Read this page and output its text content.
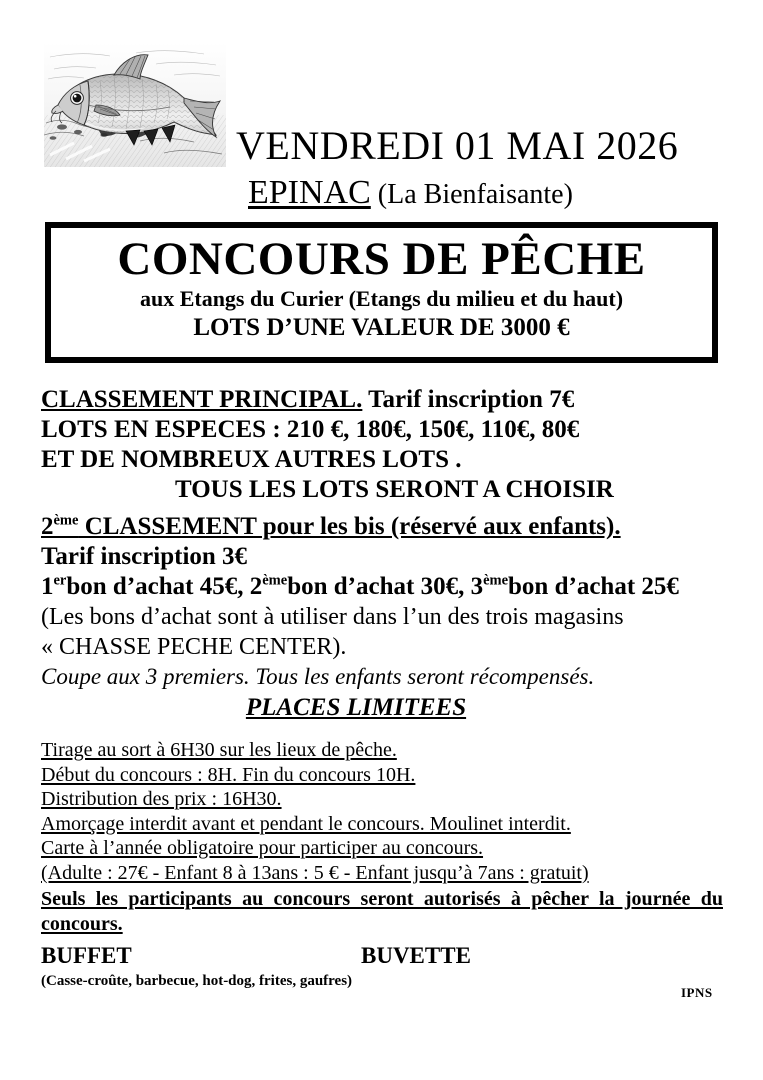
VENDREDI 01 MAI 2026
EPINAC (La Bienfaisante)
CONCOURS DE PÊCHE
aux Etangs du Curier (Etangs du milieu et du haut)
LOTS D’UNE VALEUR DE 3000 €
CLASSEMENT PRINCIPAL. Tarif inscription 7€
LOTS EN ESPECES : 210 €, 180€, 150€, 110€, 80€
ET DE NOMBREUX AUTRES LOTS .
TOUS LES LOTS SERONT A CHOISIR
2ème CLASSEMENT pour les bis (réservé aux enfants).
Tarif inscription 3€
1erbon d’achat 45€, 2èmebon d’achat 30€, 3èmebon d’achat 25€
(Les bons d’achat sont à utiliser dans l’un des trois magasins
« CHASSE PECHE CENTER).
Coupe aux 3 premiers. Tous les enfants seront récompensés.
PLACES LIMITEES
Tirage au sort à 6H30 sur les lieux de pêche.
Début du concours : 8H. Fin du concours 10H.
Distribution des prix : 16H30.
Amorçage interdit avant et pendant le concours. Moulinet interdit.
Carte à l’année obligatoire pour participer au concours.
(Adulte : 27€ - Enfant 8 à 13ans : 5 € - Enfant jusqu’à 7ans : gratuit)
Seuls les participants au concours seront autorisés à pêcher la journée du
concours.
BUFFET	BUVETTE
(Casse-croûte, barbecue, hot-dog, frites, gaufres)
IPNS
